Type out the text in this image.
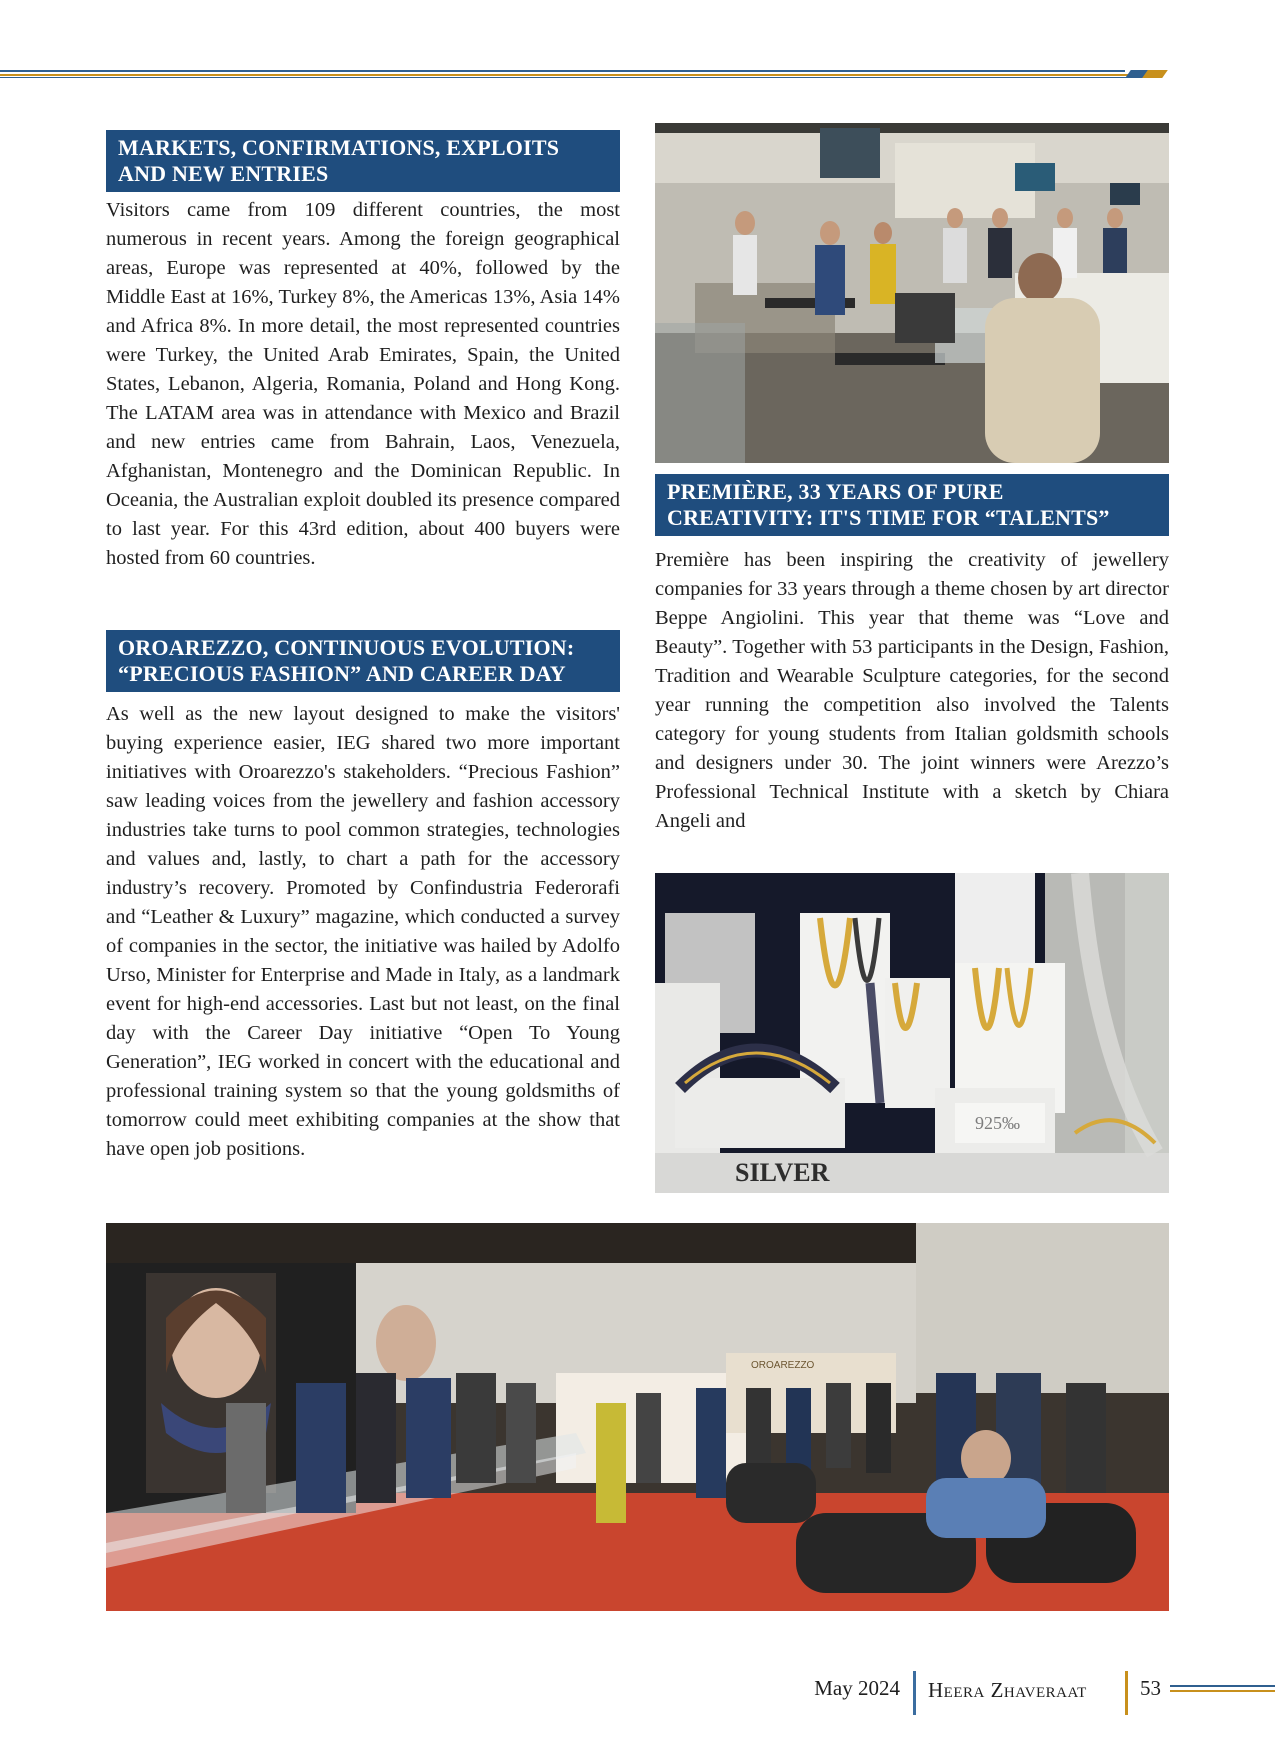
MARKETS, CONFIRMATIONS, EXPLOITS
AND NEW ENTRIES

Visitors came from 109 different countries, the most numerous in recent years. Among the foreign geographical areas, Europe was represented at 40%, followed by the Middle East at 16%, Turkey 8%, the Americas 13%, Asia 14% and Africa 8%. In more detail, the most represented countries were Turkey, the United Arab Emirates, Spain, the United States, Lebanon, Algeria, Romania, Poland and Hong Kong. The LATAM area was in attendance with Mexico and Brazil and new entries came from Bahrain, Laos, Venezuela, Afghanistan, Montenegro and the Dominican Republic. In Oceania, the Australian exploit doubled its presence compared to last year. For this 43rd edition, about 400 buyers were hosted from 60 countries.

OROAREZZO, CONTINUOUS EVOLUTION:
“PRECIOUS FASHION” AND CAREER DAY

As well as the new layout designed to make the visitors' buying experience easier, IEG shared two more important initiatives with Oroarezzo's stakeholders. “Precious Fashion” saw leading voices from the jewellery and fashion accessory industries take turns to pool common strategies, technologies and values and, lastly, to chart a path for the accessory industry’s recovery. Promoted by Confindustria Federorafi and “Leather & Luxury” magazine, which conducted a survey of companies in the sector, the initiative was hailed by Adolfo Urso, Minister for Enterprise and Made in Italy, as a landmark event for high-end accessories. Last but not least, on the final day with the Career Day initiative “Open To Young Generation”, IEG worked in concert with the educational and professional training system so that the young goldsmiths of tomorrow could meet exhibiting companies at the show that have open job positions.

PREMIÈRE, 33 YEARS OF PURE
CREATIVITY: IT'S TIME FOR “TALENTS”

Première has been inspiring the creativity of jewellery companies for 33 years through a theme chosen by art director Beppe Angiolini. This year that theme was “Love and Beauty”. Together with 53 participants in the Design, Fashion, Tradition and Wearable Sculpture categories, for the second year running the competition also involved the Talents category for young students from Italian goldsmith schools and designers under 30. The joint winners were Arezzo’s Professional Technical Institute with a sketch by Chiara Angeli and

SILVER
925‰
OROAREZZO
May 2024 Heera Zhaveraat	53
